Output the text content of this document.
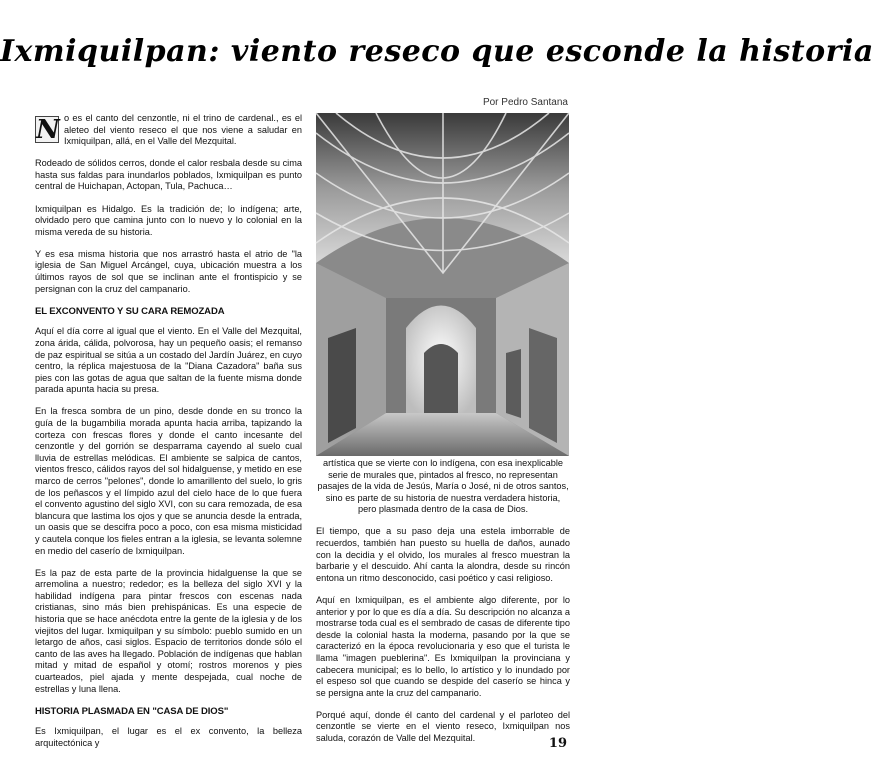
Ixmiquilpan: viento reseco que esconde la historia
Por Pedro Santana

N o es el canto del cenzontle, ni el trino de cardenal., es el aleteo del viento reseco el que nos viene a saludar en Ixmiquilpan, allá, en el Valle del Mezquital.

Rodeado de sólidos cerros, donde el calor resbala desde su cima hasta sus faldas para inundarlos poblados, Ixmiquilpan es punto central de Huichapan, Actopan, Tula, Pachuca…

Ixmiquilpan es Hidalgo. Es la tradición de; lo indígena; arte, olvidado pero que camina junto con lo nuevo y lo colonial en la misma vereda de su historia.

Y es esa misma historia que nos arrastró hasta el atrio de "la iglesia de San Miguel Arcángel, cuya, ubicación muestra a los últimos rayos de sol que se inclinan ante el frontispicio y se persignan con la cruz del campanario.

EL EXCONVENTO Y SU CARA REMOZADA

Aquí el día corre al igual que el viento. En el Valle del Mezquital, zona árida, cálida, polvorosa, hay un pequeño oasis; el remanso de paz espiritual se sitúa a un costado del Jardín Juárez, en cuyo centro, la réplica majestuosa de la "Diana Cazadora" baña sus pies con las gotas de agua que saltan de la fuente misma donde parada apunta hacia su presa.

En la fresca sombra de un pino, desde donde en su tronco la guía de la bugambilia morada apunta hacia arriba, tapizando la corteza con frescas flores y donde el canto incesante del cenzontle y del gorrión se desparrama cayendo al suelo cual lluvia de estrellas melódicas. El ambiente se salpica de cantos, vientos fresco, cálidos rayos del sol hidalguense, y metido en ese marco de cerros "pelones", donde lo amarillento del suelo, lo gris de los peñascos y el límpido azul del cielo hace de lo que fuera el convento agustino del siglo XVI, con su cara remozada, de esa blancura que lastima los ojos y que se anuncia desde la entrada, un oasis que se descifra poco a poco, con esa misma misticidad y cautela conque los fieles entran a la iglesia, se levanta solemne en medio del caserío de Ixmiquilpan.

Es la paz de esta parte de la provincia hidalguense la que se arremolina a nuestro; rededor; es la belleza del siglo XVI y la habilidad indígena para pintar frescos con escenas nada cristianas, sino más bien prehispánicas. Es una especie de historia que se hace anécdota entre la gente de la iglesia y de los viejitos del lugar. Ixmiquilpan y su símbolo: pueblo sumido en un letargo de años, casi siglos. Espacio de territorios donde sólo el canto de las aves ha llegado. Población de indígenas que hablan mitad y mitad de español y otomí; rostros morenos y pies cuarteados, piel ajada y mente despejada, cual noche de estrellas y luna llena.

HISTORIA PLASMADA EN "CASA DE DIOS"

Es Ixmiquilpan, el lugar es el ex convento, la belleza arquitectónica y

artística que se vierte con lo indígena, con esa inexplicable serie de murales que, pintados al fresco, no representan pasajes de la vida de Jesús, María o José, ni de otros santos, sino es parte de su historia de nuestra verdadera historia, pero plasmada dentro de la casa de Dios.

El tiempo, que a su paso deja una estela imborrable de recuerdos, también han puesto su huella de daños, aunado con la decidia y el olvido, los murales al fresco muestran la barbarie y el descuido. Ahí canta la alondra, desde su rincón entona un ritmo desconocido, casi poético y casi religioso.

Aquí en Ixmiquilpan, es el ambiente algo diferente, por lo anterior y por lo que es día a día. Su descripción no alcanza a mostrarse toda cual es el sembrado de casas de diferente tipo desde la colonial hasta la moderna, pasando por la que se caracterizó en la época revolucionaria y eso que el turista le llama "imagen pueblerina". Es Ixmiquilpan la provinciana y cabecera municipal; es lo bello, lo artístico y lo inundado por el espeso sol que cuando se despide del caserío se hinca y se persigna ante la cruz del campanario.

Porqué aquí, donde él canto del cardenal y el parloteo del cenzontle se vierte en el viento reseco, Ixmiquilpan nos saluda, corazón de Valle del Mezquital.	19
